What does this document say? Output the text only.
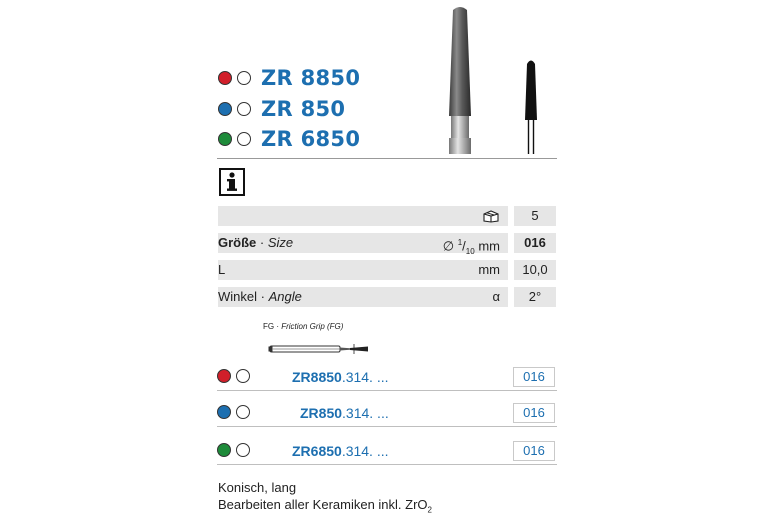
ZR 8850
ZR 850
ZR 6850
5
Größe · Size	∅ $^1/_{10}$ mm	016
L	mm	10,0
Winkel · Angle	α	2°
FG · Friction Grip (FG)
ZR8850.314. ...	016
ZR850.314. ...	016
ZR6850.314. ...	016
Konisch, lang
Bearbeiten aller Keramiken inkl. ZrO$_2$
